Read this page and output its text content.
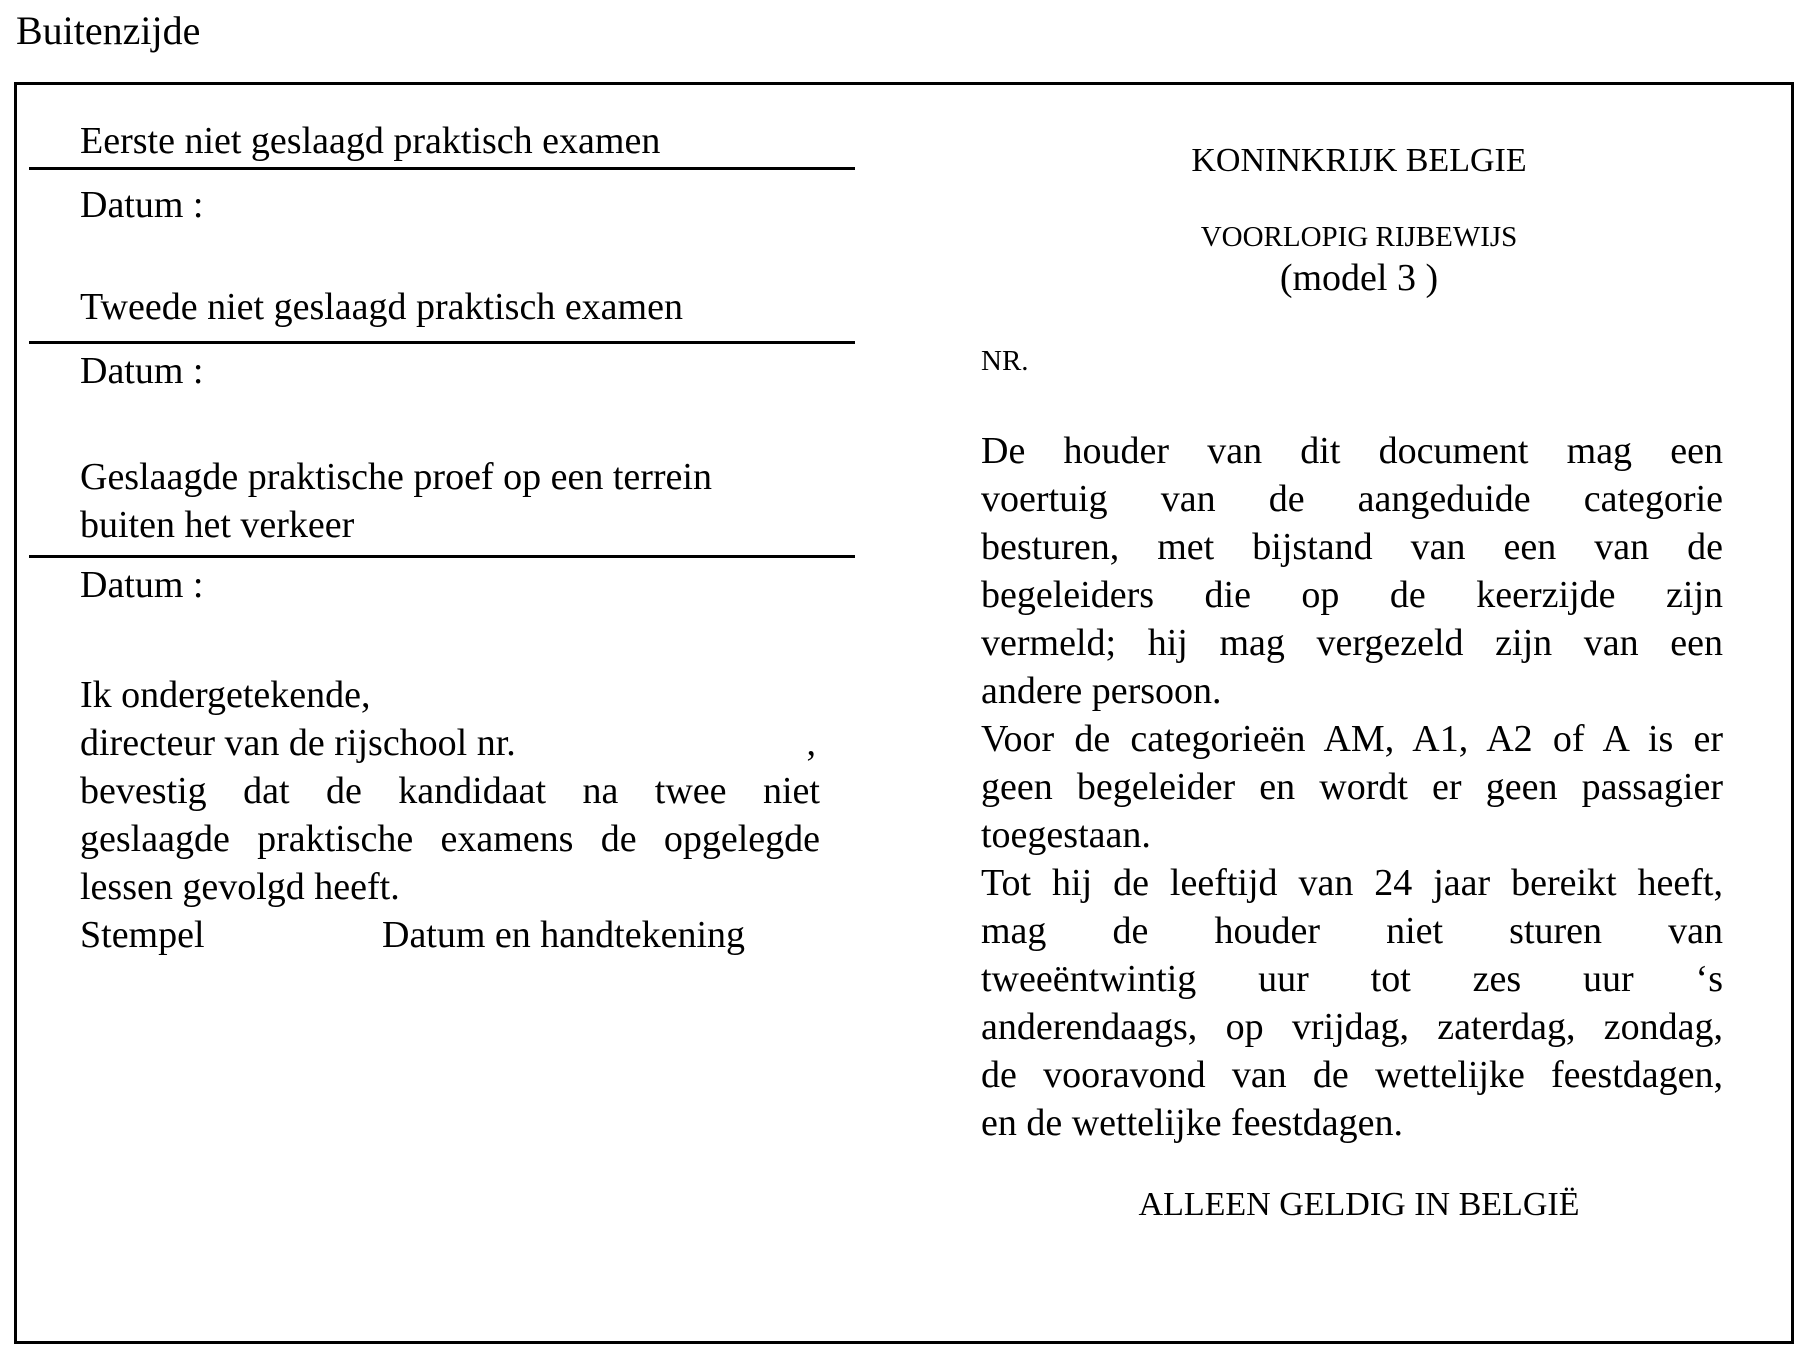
Buitenzijde
Eerste niet geslaagd praktisch examen
Datum :
Tweede niet geslaagd praktisch examen
Datum :
Geslaagde praktische proef op een terrein
buiten het verkeer
Datum :
Ik ondergetekende,
directeur van de rijschool nr.	,
bevestig dat de kandidaat na twee niet
geslaagde praktische examens de opgelegde
lessen gevolgd heeft.
Stempel	Datum en handtekening
KONINKRIJK BELGIE
VOORLOPIG RIJBEWIJS
(model 3 )
NR.
De houder van dit document mag een
voertuig van de aangeduide categorie
besturen, met bijstand van een van de
begeleiders die op de keerzijde zijn
vermeld; hij mag vergezeld zijn van een
andere persoon.
Voor de categorieën AM, A1, A2 of A is er
geen begeleider en wordt er geen passagier
toegestaan.
Tot hij de leeftijd van 24 jaar bereikt heeft,
mag de houder niet sturen van
tweeëntwintig uur tot zes uur ‘s
anderendaags, op vrijdag, zaterdag, zondag,
de vooravond van de wettelijke feestdagen,
en de wettelijke feestdagen.
ALLEEN GELDIG IN BELGIË
